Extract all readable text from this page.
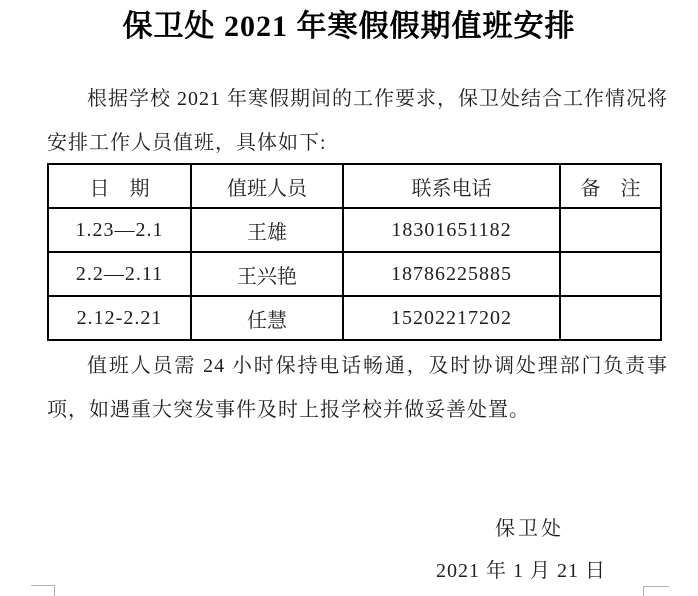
保卫处 2021 年寒假假期值班安排
根据学校 2021 年寒假期间的工作要求，保卫处结合工作情况将安排工作人员值班，具体如下:
日　期	值班人员	联系电话	备　注
1.23—2.1	王雄	18301651182	
2.2—2.11	王兴艳	18786225885	
2.12-2.21	任慧	15202217202	
值班人员需 24 小时保持电话畅通，及时协调处理部门负责事项，如遇重大突发事件及时上报学校并做妥善处置。
保卫处
2021 年 1 月 21 日
